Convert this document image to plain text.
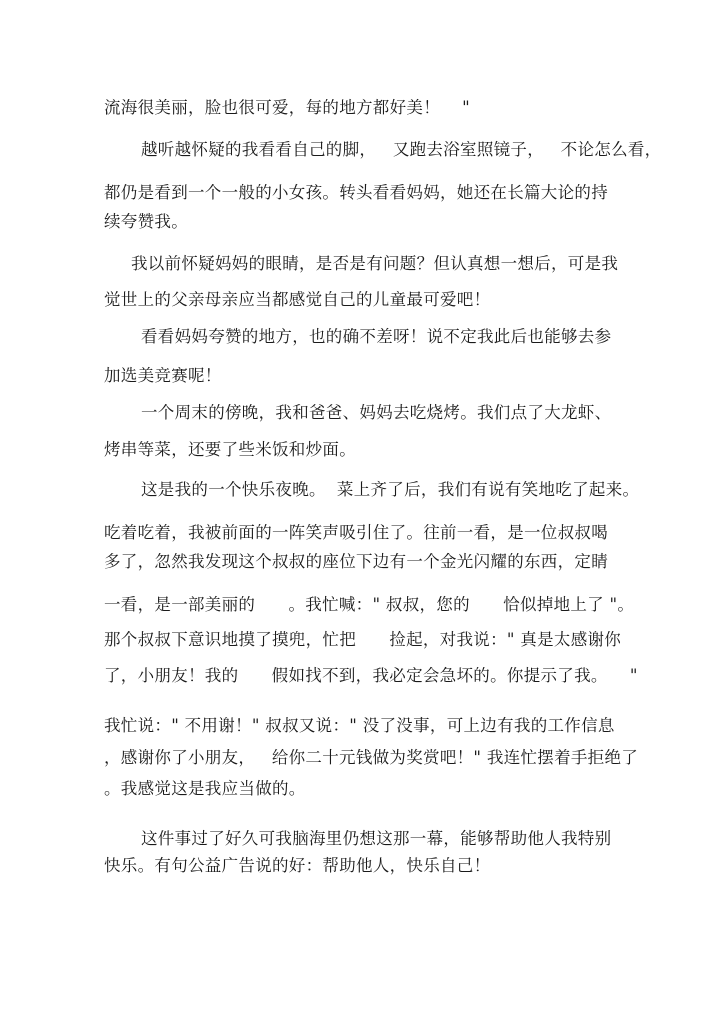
流海很美丽，脸也很可爱，每的地方都好美！    "
越听越怀疑的我看看自己的脚，   又跑去浴室照镜子，   不论怎么看，
都仍是看到一个一般的小女孩。转头看看妈妈，她还在长篇大论的持
续夸赞我。
我以前怀疑妈妈的眼睛，是否是有问题？但认真想一想后，可是我
觉世上的父亲母亲应当都感觉自己的儿童最可爱吧！
看看妈妈夸赞的地方，也的确不差呀！说不定我此后也能够去参
加选美竞赛呢！
一个周末的傍晚，我和爸爸、妈妈去吃烧烤。我们点了大龙虾、
烤串等菜，还要了些米饭和炒面。
这是我的一个快乐夜晚。  菜上齐了后，我们有说有笑地吃了起来。
吃着吃着，我被前面的一阵笑声吸引住了。往前一看，是一位叔叔喝
多了，忽然我发现这个叔叔的座位下边有一个金光闪耀的东西，定睛
一看，是一部美丽的      。我忙喊：" 叔叔，您的      恰似掉地上了 "。
那个叔叔下意识地摸了摸兜，忙把      捡起，对我说：" 真是太感谢你
了，小朋友！我的      假如找不到，我必定会急坏的。你提示了我。    "
我忙说：" 不用谢！" 叔叔又说：" 没了没事，可上边有我的工作信息
，感谢你了小朋友，   给你二十元钱做为奖赏吧！" 我连忙摆着手拒绝了
。我感觉这是我应当做的。
这件事过了好久可我脑海里仍想这那一幕，能够帮助他人我特别
快乐。有句公益广告说的好：帮助他人，快乐自己！
